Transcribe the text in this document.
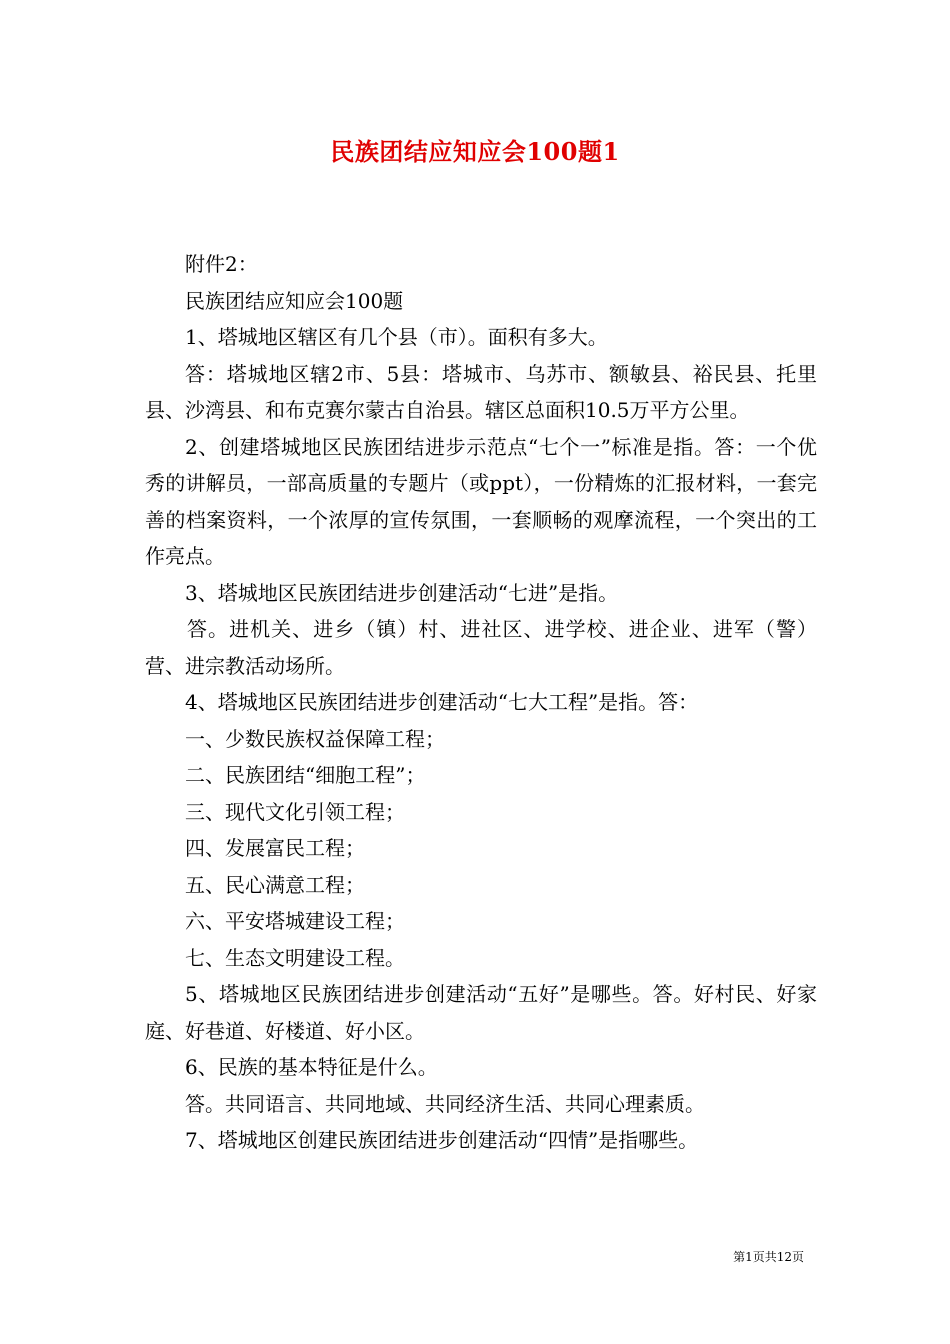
民族团结应知应会100题1

附件2：

民族团结应知应会100题

1、塔城地区辖区有几个县（市）。面积有多大。

答：塔城地区辖2市、5县：塔城市、乌苏市、额敏县、裕民县、托里县、沙湾县、和布克赛尔蒙古自治县。辖区总面积10.5万平方公里。

2、创建塔城地区民族团结进步示范点“七个一”标准是指。答：一个优秀的讲解员，一部高质量的专题片（或ppt），一份精炼的汇报材料，一套完善的档案资料，一个浓厚的宣传氛围，一套顺畅的观摩流程，一个突出的工作亮点。

3、塔城地区民族团结进步创建活动“七进”是指。

答。进机关、进乡（镇）村、进社区、进学校、进企业、进军（警）营、进宗教活动场所。

4、塔城地区民族团结进步创建活动“七大工程”是指。答：

一、少数民族权益保障工程；

二、民族团结“细胞工程”；

三、现代文化引领工程；

四、发展富民工程；

五、民心满意工程；

六、平安塔城建设工程；

七、生态文明建设工程。

5、塔城地区民族团结进步创建活动“五好”是哪些。答。好村民、好家庭、好巷道、好楼道、好小区。

6、民族的基本特征是什么。

答。共同语言、共同地域、共同经济生活、共同心理素质。

7、塔城地区创建民族团结进步创建活动“四情”是指哪些。

第1页共12页
